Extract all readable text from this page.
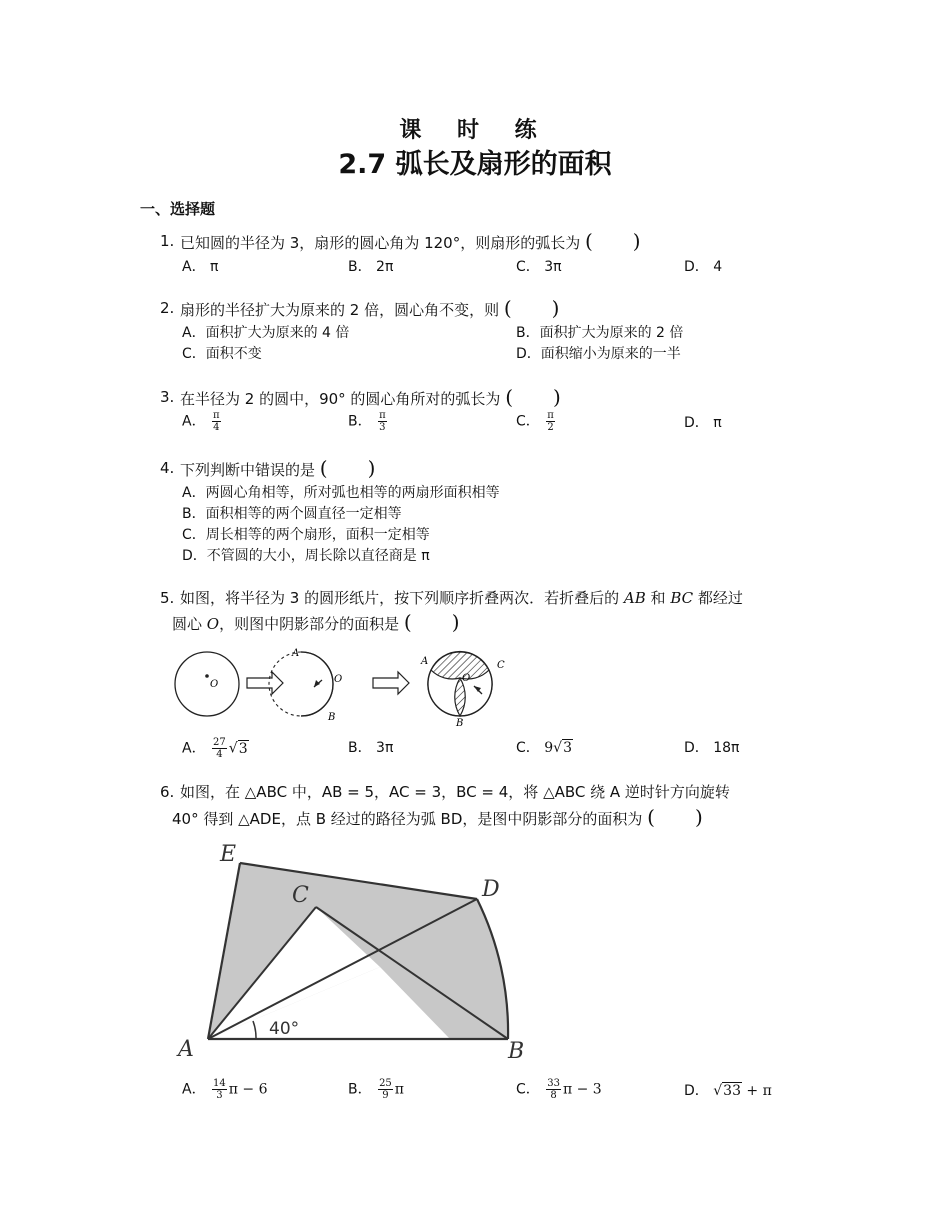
课 时 练
2.7 弧长及扇形的面积
一、选择题
1. 已知圆的半径为 3，扇形的圆心角为 120°，则扇形的弧长为 (　　)
A． π	B． 2π	C． 3π	D． 4
2. 扇形的半径扩大为原来的 2 倍，圆心角不变，则 (　　)
A．面积扩大为原来的 4 倍	B．面积扩大为原来的 2 倍
C．面积不变	D．面积缩小为原来的一半
3. 在半径为 2 的圆中，90° 的圆心角所对的弧长为 (　　)
A． $\frac{\pi}{4}$	B． $\frac{\pi}{3}$	C． $\frac{\pi}{2}$	D． π
4. 下列判断中错误的是 (　　)
A．两圆心角相等，所对弧也相等的两扇形面积相等
B．面积相等的两个圆直径一定相等
C．周长相等的两个扇形，面积一定相等
D．不管圆的大小，周长除以直径商是 π
5. 如图，将半径为 3 的圆形纸片，按下列顺序折叠两次．若折叠后的 AB 和 BC 都经过
圆心 O，则图中阴影部分的面积是 (　　)
O
A
O
B
A
O
C
B
A． $\frac{27}{4} √3$	B． 3π	C． 9√3	D． 18π
6. 如图，在 △ABC 中，AB = 5，AC = 3，BC = 4，将 △ABC 绕 A 逆时针方向旋转
40° 得到 △ADE，点 B 经过的路径为弧 BD，是图中阴影部分的面积为 (　　)
E
C	D
A	B
40°
A． $\frac{14}{3}$ π − 6	B． $\frac{25}{9}$ π	C． $\frac{33}{8}$ π − 3	D． √33 + π
